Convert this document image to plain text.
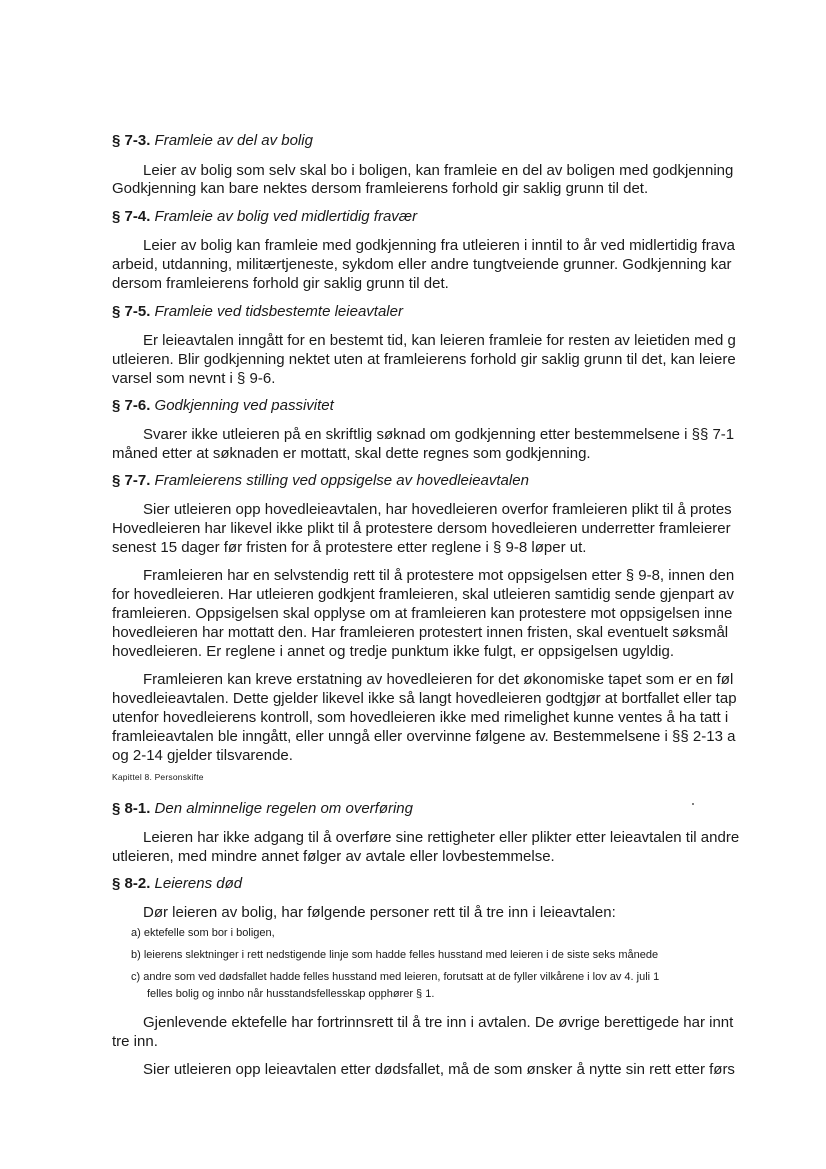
§ 7-3. Framleie av del av bolig
Leier av bolig som selv skal bo i boligen, kan framleie en del av boligen med godkjenning
Godkjenning kan bare nektes dersom framleierens forhold gir saklig grunn til det.
§ 7-4. Framleie av bolig ved midlertidig fravær
Leier av bolig kan framleie med godkjenning fra utleieren i inntil to år ved midlertidig frava
arbeid, utdanning, militærtjeneste, sykdom eller andre tungtveiende grunner. Godkjenning kar
dersom framleierens forhold gir saklig grunn til det.
§ 7-5. Framleie ved tidsbestemte leieavtaler
Er leieavtalen inngått for en bestemt tid, kan leieren framleie for resten av leietiden med g
utleieren. Blir godkjenning nektet uten at framleierens forhold gir saklig grunn til det, kan leiere
varsel som nevnt i § 9-6.
§ 7-6. Godkjenning ved passivitet
Svarer ikke utleieren på en skriftlig søknad om godkjenning etter bestemmelsene i §§ 7-1
måned etter at søknaden er mottatt, skal dette regnes som godkjenning.
§ 7-7. Framleierens stilling ved oppsigelse av hovedleieavtalen
Sier utleieren opp hovedleieavtalen, har hovedleieren overfor framleieren plikt til å protes
Hovedleieren har likevel ikke plikt til å protestere dersom hovedleieren underretter framleierer
senest 15 dager før fristen for å protestere etter reglene i § 9-8 løper ut.
Framleieren har en selvstendig rett til å protestere mot oppsigelsen etter § 9-8, innen den
for hovedleieren. Har utleieren godkjent framleieren, skal utleieren samtidig sende gjenpart av
framleieren. Oppsigelsen skal opplyse om at framleieren kan protestere mot oppsigelsen inne
hovedleieren har mottatt den. Har framleieren protestert innen fristen, skal eventuelt søksmål
hovedleieren. Er reglene i annet og tredje punktum ikke fulgt, er oppsigelsen ugyldig.
Framleieren kan kreve erstatning av hovedleieren for det økonomiske tapet som er en føl
hovedleieavtalen. Dette gjelder likevel ikke så langt hovedleieren godtgjør at bortfallet eller tap
utenfor hovedleierens kontroll, som hovedleieren ikke med rimelighet kunne ventes å ha tatt i
framleieavtalen ble inngått, eller unngå eller overvinne følgene av. Bestemmelsene i §§ 2-13 a
og 2-14 gjelder tilsvarende.
Kapittel 8. Personskifte
§ 8-1. Den alminnelige regelen om overføring
Leieren har ikke adgang til å overføre sine rettigheter eller plikter etter leieavtalen til andre
utleieren, med mindre annet følger av avtale eller lovbestemmelse.
§ 8-2. Leierens død
Dør leieren av bolig, har følgende personer rett til å tre inn i leieavtalen:
a) ektefelle som bor i boligen,
b) leierens slektninger i rett nedstigende linje som hadde felles husstand med leieren i de siste seks månede
c) andre som ved dødsfallet hadde felles husstand med leieren, forutsatt at de fyller vilkårene i lov av 4. juli 1
felles bolig og innbo når husstandsfellesskap opphører § 1.
Gjenlevende ektefelle har fortrinnsrett til å tre inn i avtalen. De øvrige berettigede har innt
tre inn.
Sier utleieren opp leieavtalen etter dødsfallet, må de som ønsker å nytte sin rett etter førs
